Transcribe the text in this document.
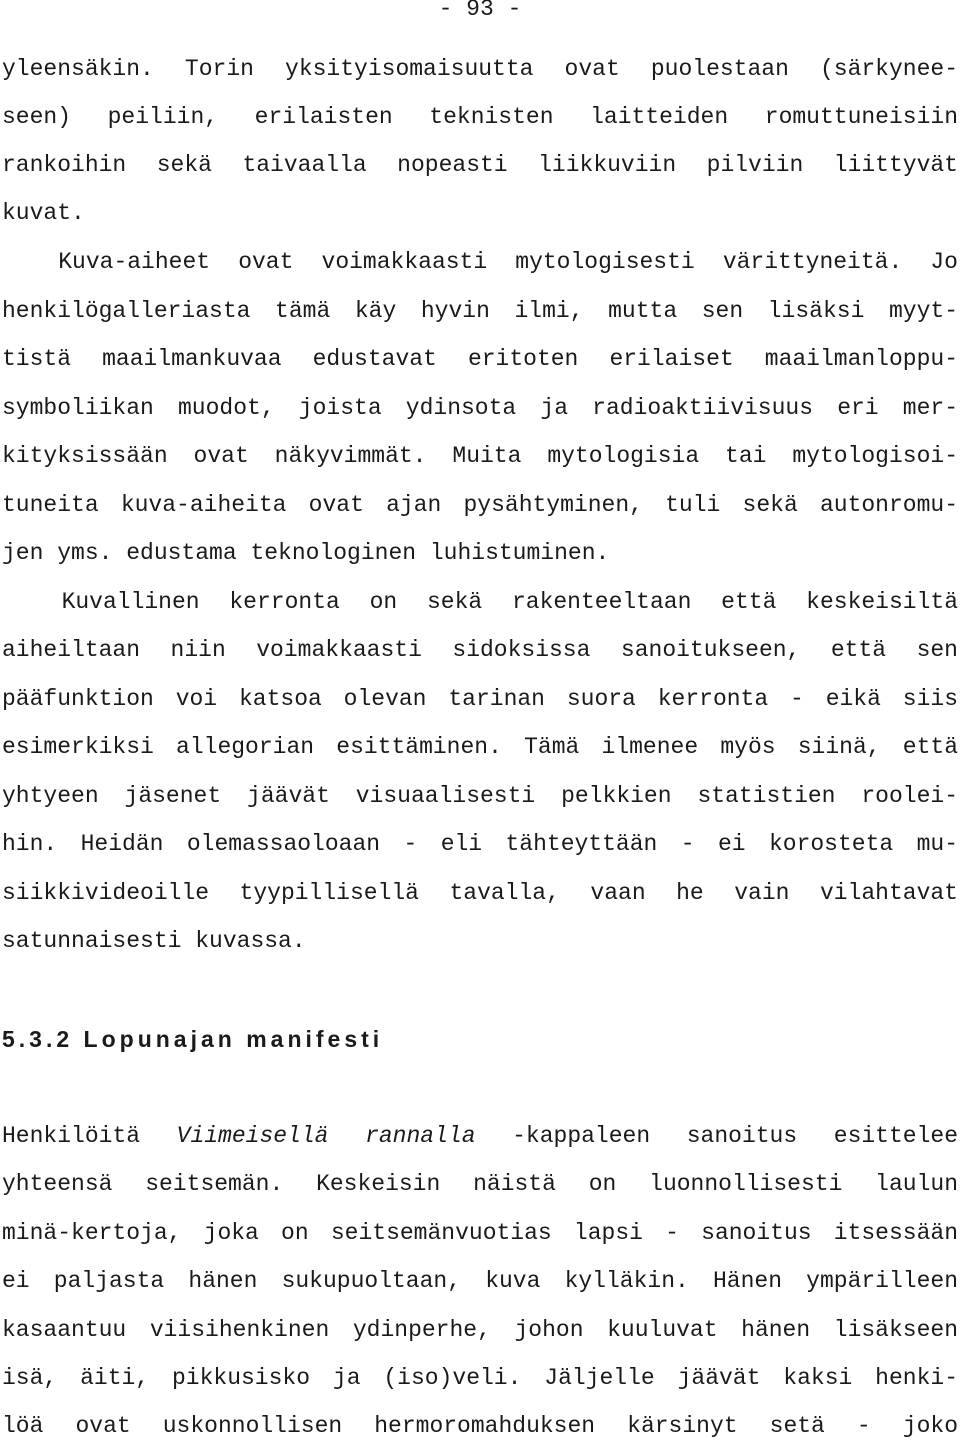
- 93 -
yleensäkin. Torin yksityisomaisuutta ovat puolestaan (särkynee-
seen) peiliin, erilaisten teknisten laitteiden romuttuneisiin
rankoihin sekä taivaalla nopeasti liikkuviin pilviin liittyvät
kuvat.
Kuva-aiheet ovat voimakkaasti mytologisesti värittyneitä. Jo
henkilögalleriasta tämä käy hyvin ilmi, mutta sen lisäksi myyt-
tistä maailmankuvaa edustavat eritoten erilaiset maailmanloppu-
symboliikan muodot, joista ydinsota ja radioaktiivisuus eri mer-
kityksissään ovat näkyvimmät. Muita mytologisia tai mytologisoi-
tuneita kuva-aiheita ovat ajan pysähtyminen, tuli sekä autonromu-
jen yms. edustama teknologinen luhistuminen.
Kuvallinen kerronta on sekä rakenteeltaan että keskeisiltä
aiheiltaan niin voimakkaasti sidoksissa sanoitukseen, että sen
pääfunktion voi katsoa olevan tarinan suora kerronta - eikä siis
esimerkiksi allegorian esittäminen. Tämä ilmenee myös siinä, että
yhtyeen jäsenet jäävät visuaalisesti pelkkien statistien roolei-
hin. Heidän olemassaoloaan - eli tähteyttään - ei korosteta mu-
siikkivideoille tyypillisellä tavalla, vaan he vain vilahtavat
satunnaisesti kuvassa.
5.3.2 Lopunajan manifesti
Henkilöitä Viimeisellä rannalla -kappaleen sanoitus esittelee
yhteensä seitsemän. Keskeisin näistä on luonnollisesti laulun
minä-kertoja, joka on seitsemänvuotias lapsi - sanoitus itsessään
ei paljasta hänen sukupuoltaan, kuva kylläkin. Hänen ympärilleen
kasaantuu viisihenkinen ydinperhe, johon kuuluvat hänen lisäkseen
isä, äiti, pikkusisko ja (iso)veli. Jäljelle jäävät kaksi henki-
löä ovat uskonnollisen hermoromahduksen kärsinyt setä - joko
